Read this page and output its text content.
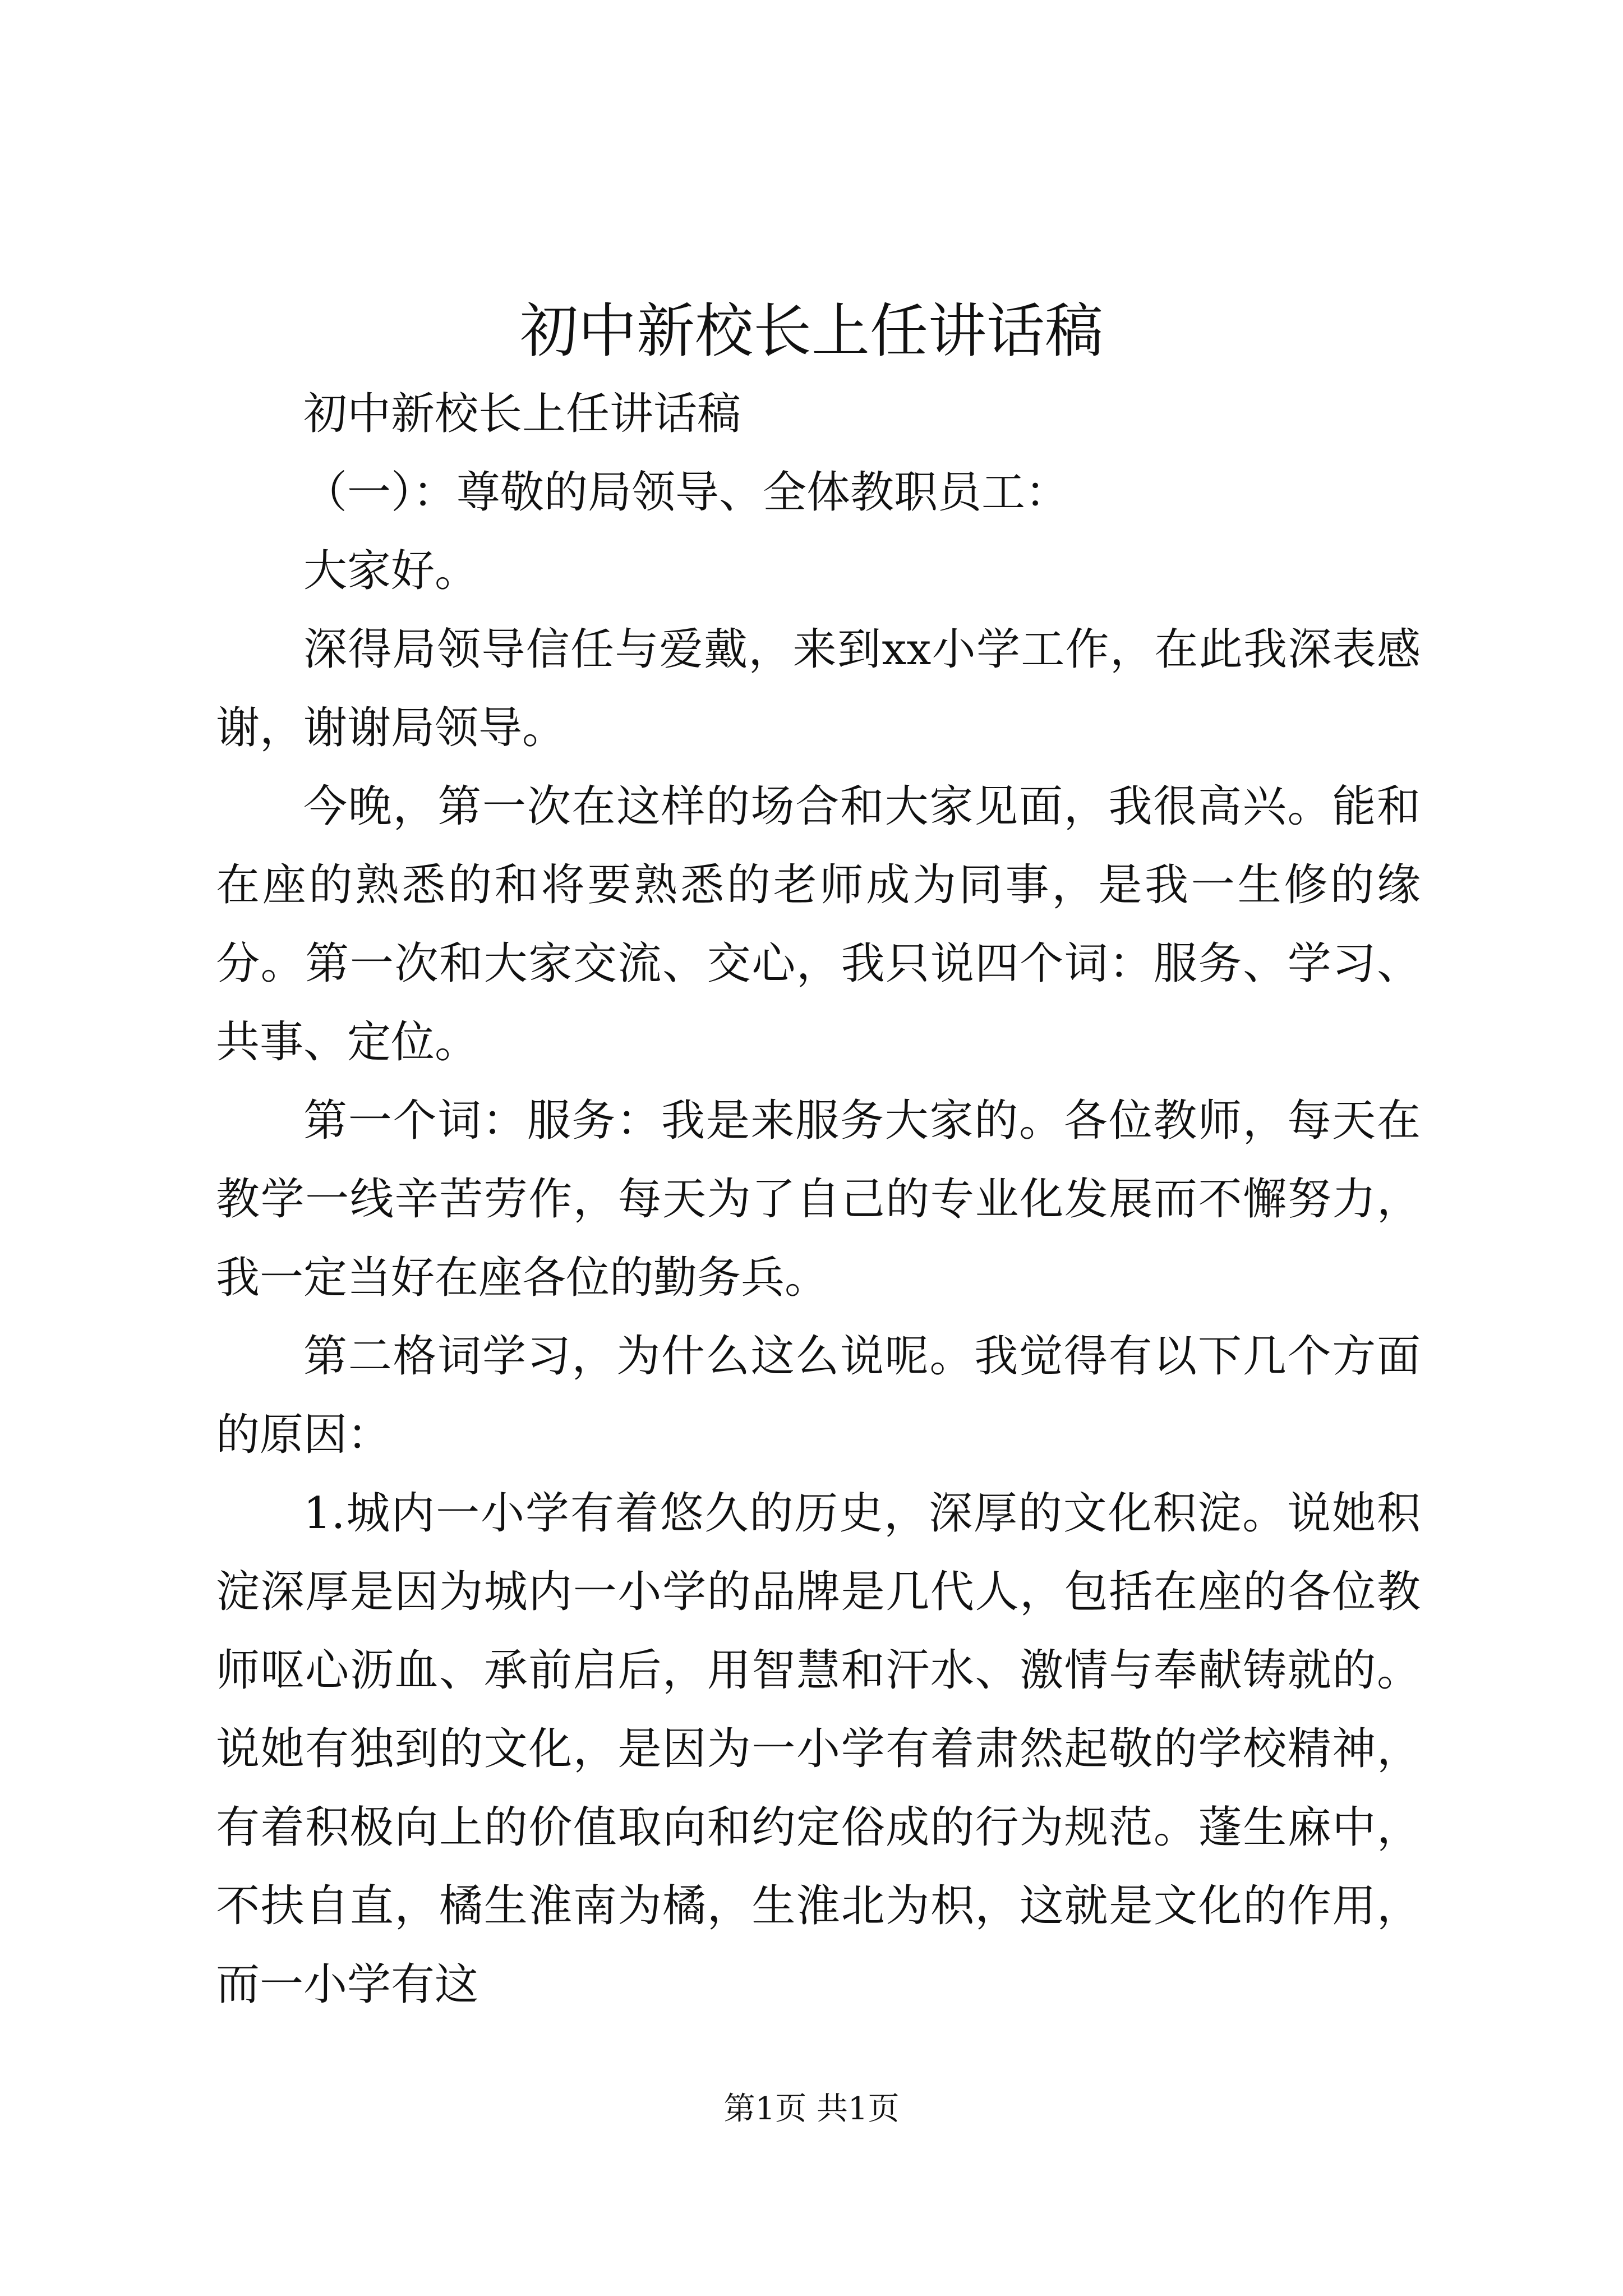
初中新校长上任讲话稿

初中新校长上任讲话稿

（一）：尊敬的局领导、全体教职员工：

大家好。

深得局领导信任与爱戴，来到xx小学工作，在此我深表感谢，谢谢局领导。

今晚，第一次在这样的场合和大家见面，我很高兴。能和在座的熟悉的和将要熟悉的老师成为同事，是我一生修的缘分。第一次和大家交流、交心，我只说四个词：服务、学习、共事、定位。

第一个词：服务：我是来服务大家的。各位教师，每天在教学一线辛苦劳作，每天为了自己的专业化发展而不懈努力，我一定当好在座各位的勤务兵。

第二格词学习，为什么这么说呢。我觉得有以下几个方面的原因：

1.城内一小学有着悠久的历史，深厚的文化积淀。说她积淀深厚是因为城内一小学的品牌是几代人，包括在座的各位教师呕心沥血、承前启后，用智慧和汗水、激情与奉献铸就的。说她有独到的文化，是因为一小学有着肃然起敬的学校精神，有着积极向上的价值取向和约定俗成的行为规范。蓬生麻中，不扶自直，橘生淮南为橘，生淮北为枳，这就是文化的作用，而一小学有这

第1页 共1页
